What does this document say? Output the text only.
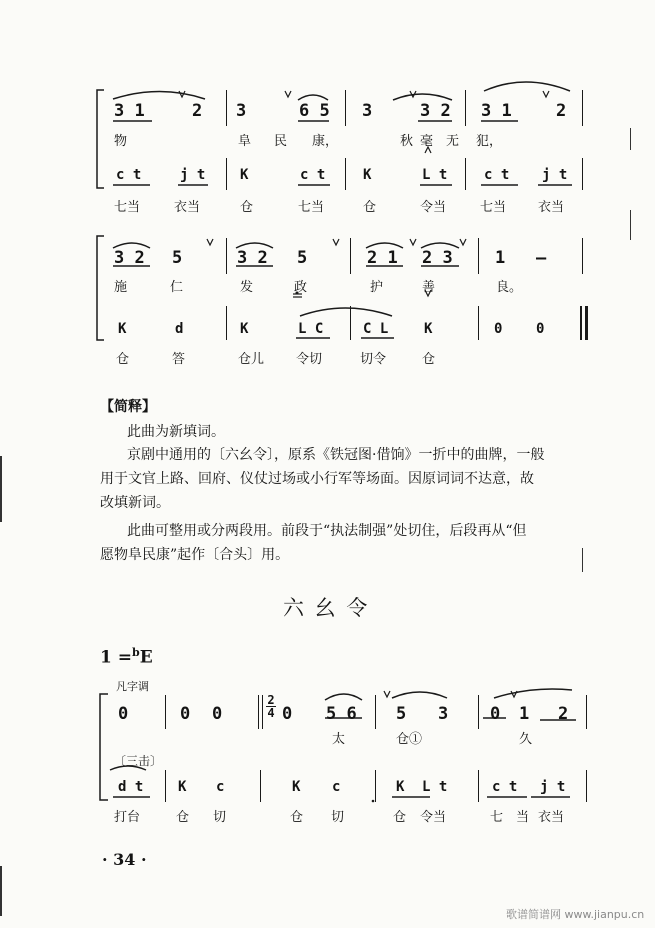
3 1	2 3	6 5 3	3 2 3 1	2
物	阜 民 康，	秋 毫 无 犯，
c t	j t K	c t	K	L t	c t j t
七当	衣当	仓	七当	仓	令当	七当 衣当
3 2 5	3 2 5	2 1 2 3 1 –
施	仁	发	政	护	善	良。
K	d	K	L C	C L	K	0 0
仓	答	仓儿 令切	切令	仓
【简释】
此曲为新填词。
京剧中通用的〔六幺令〕，原系《铁冠图·借饷》一折中的曲牌，一般
用于文官上路、回府、仪仗过场或小行军等场面。因原词词不达意，故
改填新词。
此曲可整用或分两段用。前段于“执法制强”处切住，后段再从“但
愿物阜民康”起作〔合头〕用。
六 幺 令
1 =$^b$E
凡字调
〔三击〕
2
4
0	0 0	0 5 6 5 3 0 1 2
太	仓①	久
d t K c	K c	K L t	c t j t
打台	仓 切	仓 切	仓 令当	七 当 衣当
· 34 ·
歌谱简谱网 www.jianpu.cn
